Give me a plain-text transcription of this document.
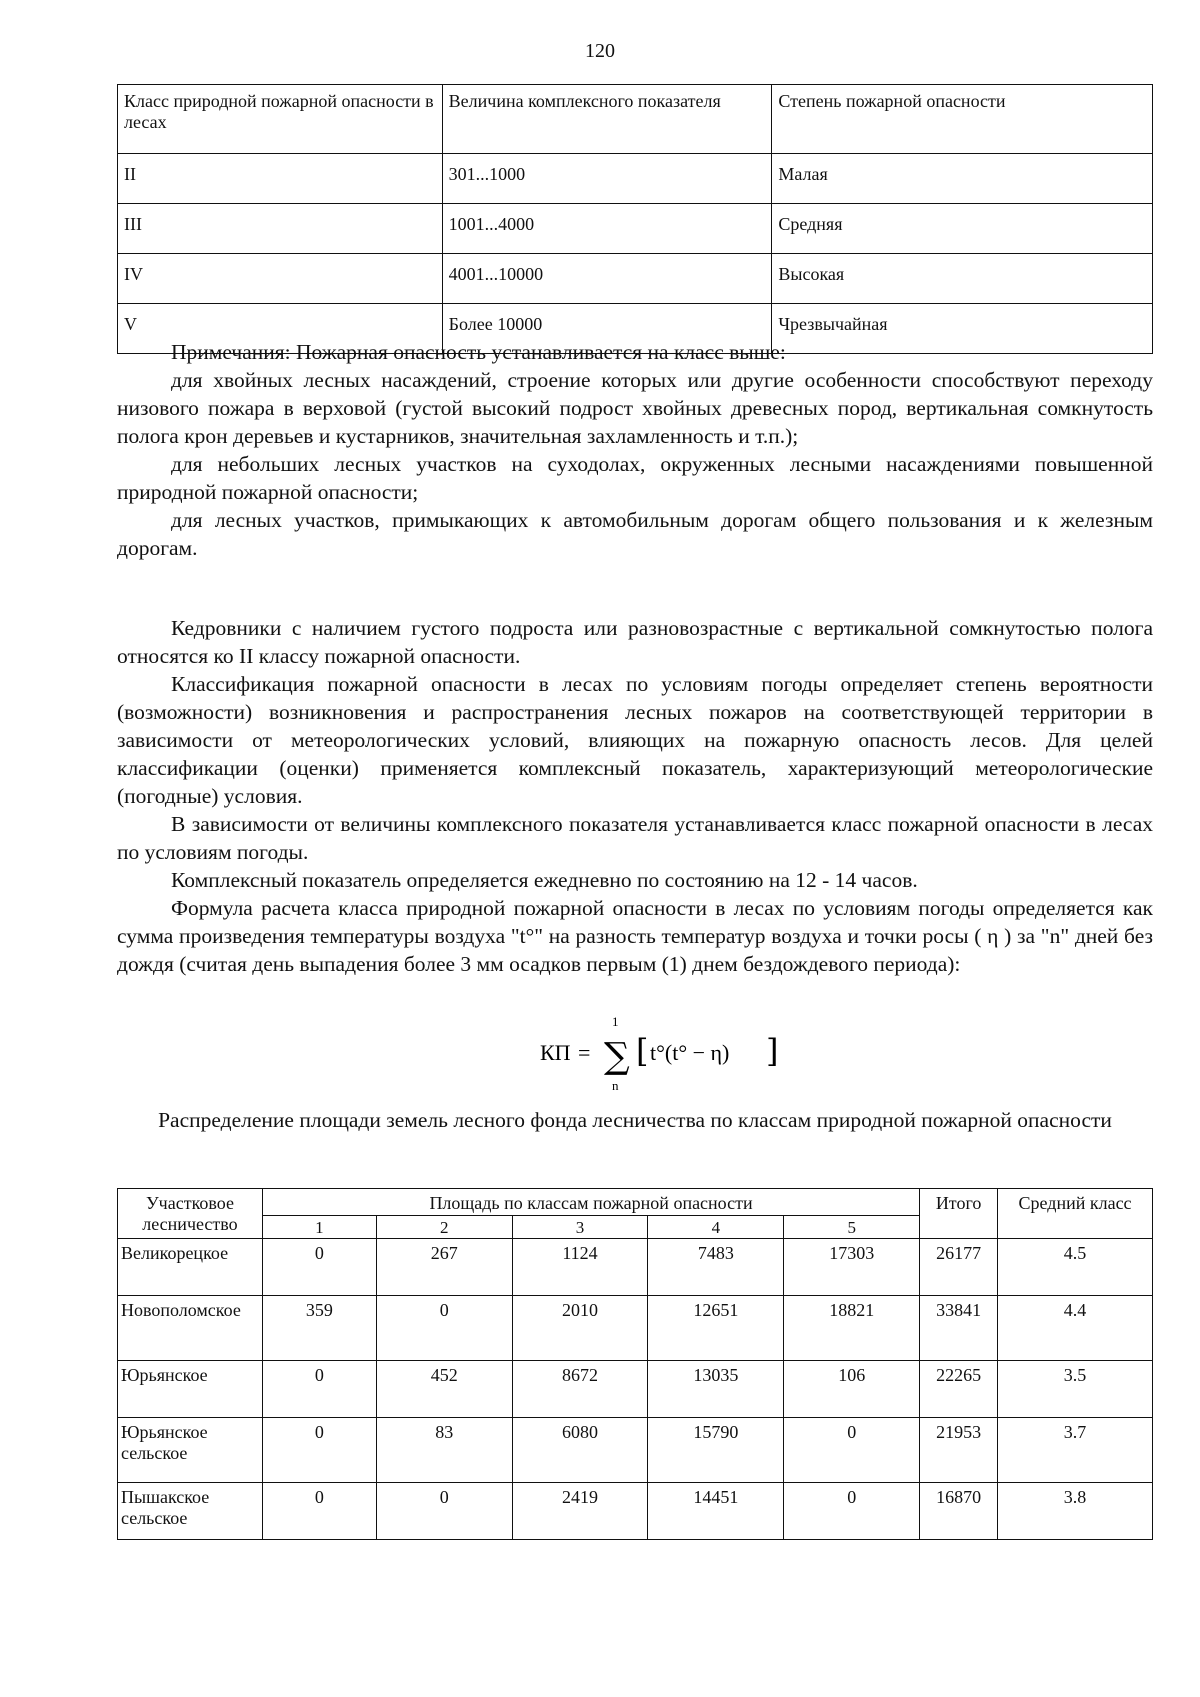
120
Класс природной пожарной опасности в лесах	Величина комплексного показателя	Степень пожарной опасности
II	301...1000	Малая
III	1001...4000	Средняя
IV	4001...10000	Высокая
V	Более 10000	Чрезвычайная

Примечания: Пожарная опасность устанавливается на класс выше:

для хвойных лесных насаждений, строение которых или другие особенности способствуют переходу низового пожара в верховой (густой высокий подрост хвойных древесных пород, вертикальная сомкнутость полога крон деревьев и кустарников, значительная захламленность и т.п.);

для небольших лесных участков на суходолах, окруженных лесными насаждениями повышенной природной пожарной опасности;

для лесных участков, примыкающих к автомобильным дорогам общего пользования и к железным дорогам.

Кедровники с наличием густого подроста или разновозрастные с вертикальной сомкнутостью полога относятся ко II классу пожарной опасности.

Классификация пожарной опасности в лесах по условиям погоды определяет степень вероятности (возможности) возникновения и распространения лесных пожаров на соответствующей территории в зависимости от метеорологических условий, влияющих на пожарную опасность лесов. Для целей классификации (оценки) применяется комплексный показатель, характеризующий метеорологические (погодные) условия.

В зависимости от величины комплексного показателя устанавливается класс пожарной опасности в лесах по условиям погоды.

Комплексный показатель определяется ежедневно по состоянию на 12 - 14 часов.

Формула расчета класса природной пожарной опасности в лесах по условиям погоды определяется как сумма произведения температуры воздуха "t°" на разность температур воздуха и точки росы ( η ) за "n" дней без дождя (считая день выпадения более 3 мм осадков первым (1) днем бездождевого периода):

КП = ∑
1
n
[ t°(t° − η) ]
Распределение площади земель лесного фонда лесничества по классам природной пожарной опасности
Участковое лесничество	Площадь по классам пожарной опасности					Итого	Средний класс
	1	2	3	4	5		
Великорецкое	0	267	1124	7483	17303	26177	4.5
Новополомское	359	0	2010	12651	18821	33841	4.4
Юрьянское	0	452	8672	13035	106	22265	3.5
Юрьянское сельское	0	83	6080	15790	0	21953	3.7
Пышакское сельское	0	0	2419	14451	0	16870	3.8
